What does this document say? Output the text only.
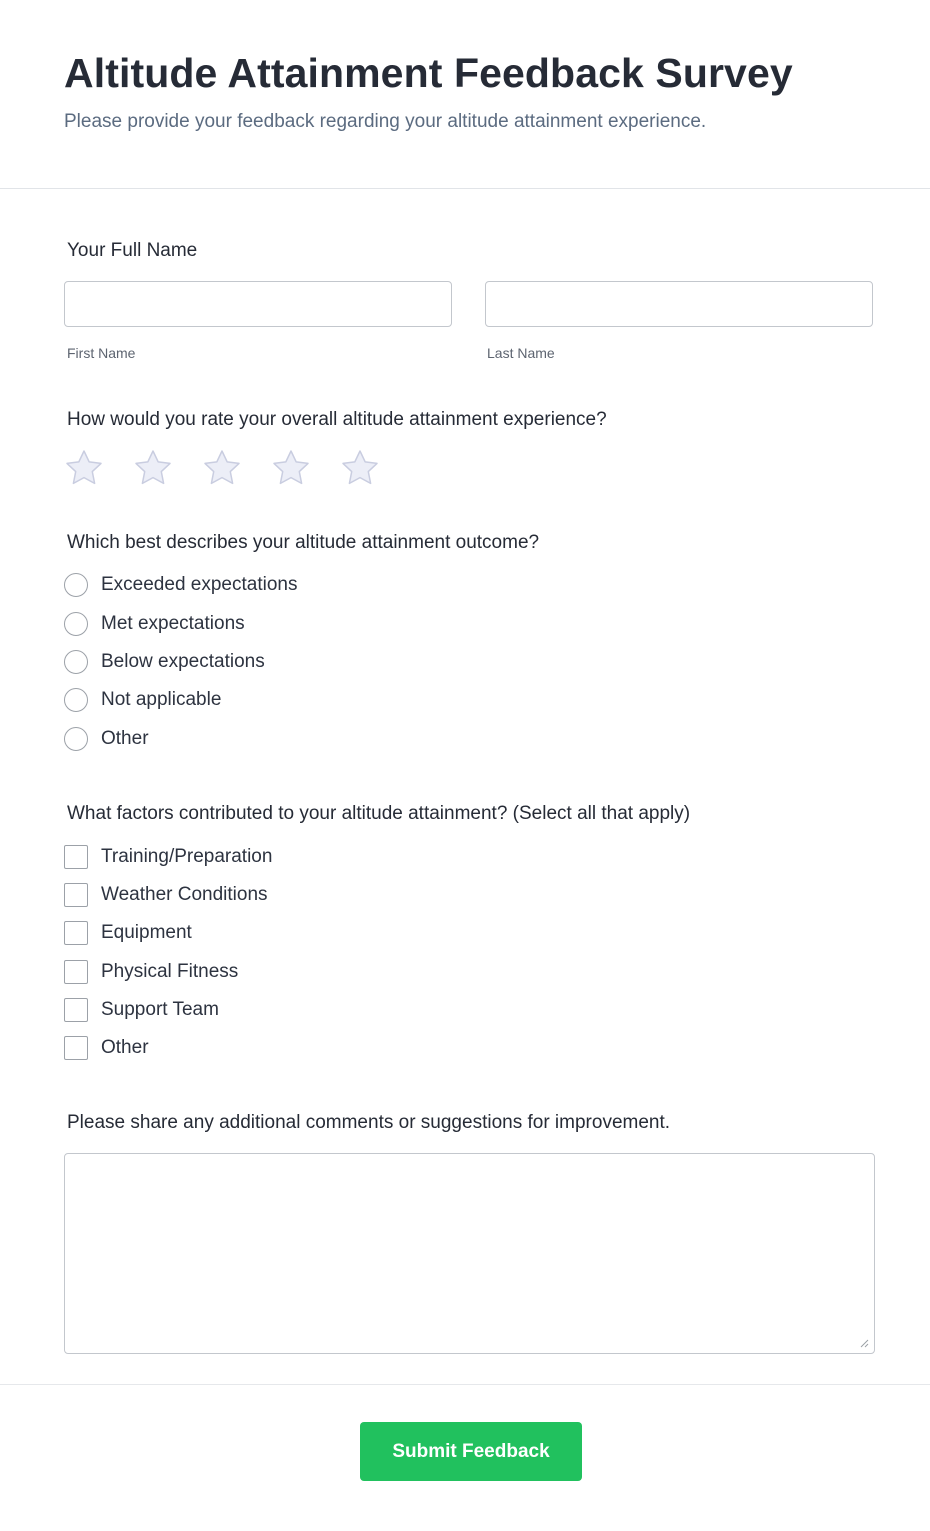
Altitude Attainment Feedback Survey

Please provide your feedback regarding your altitude attainment experience.

Your Full Name
First Name	Last Name
How would you rate your overall altitude attainment experience?
Which best describes your altitude attainment outcome?
Exceeded expectations
Met expectations
Below expectations
Not applicable
Other
What factors contributed to your altitude attainment? (Select all that apply)
Training/Preparation
Weather Conditions
Equipment
Physical Fitness
Support Team
Other
Please share any additional comments or suggestions for improvement.
Submit Feedback
